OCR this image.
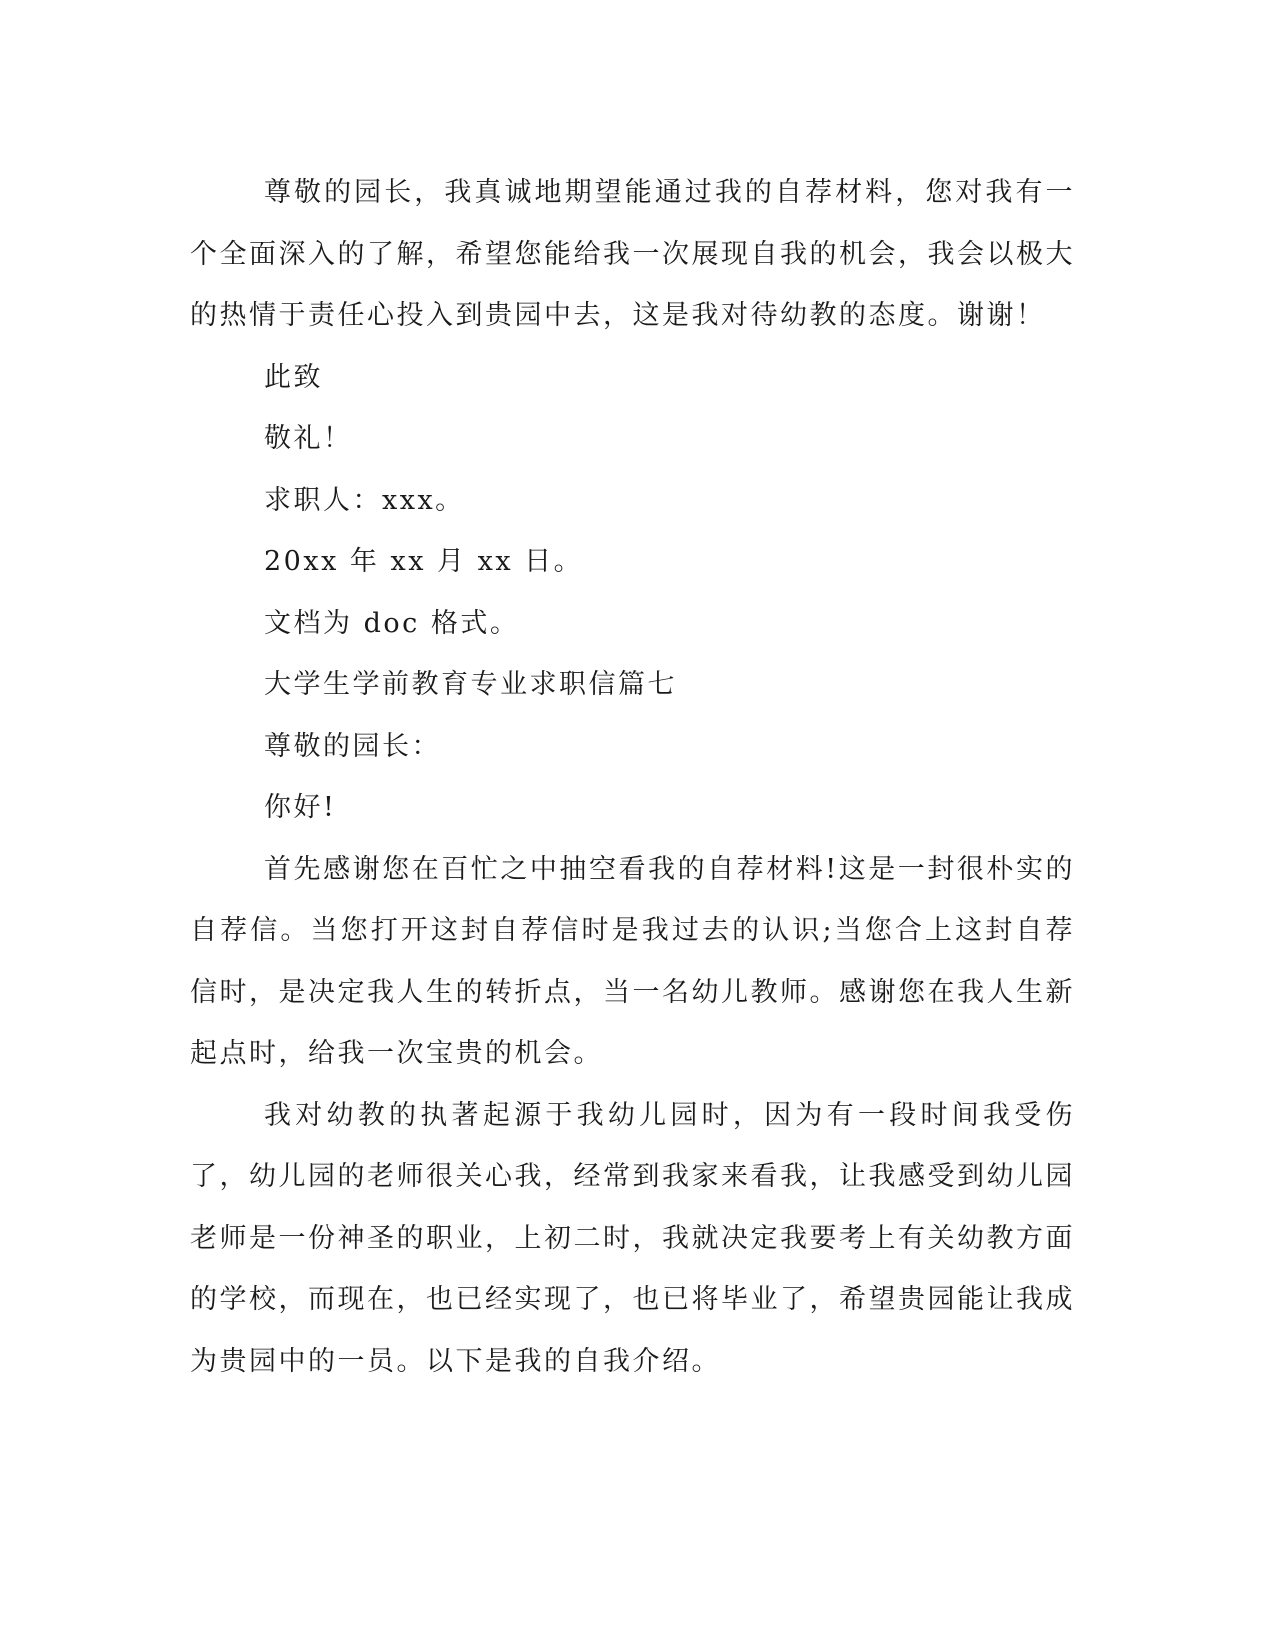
尊敬的园长，我真诚地期望能通过我的自荐材料，您对我有一个全面深入的了解，希望您能给我一次展现自我的机会，我会以极大的热情于责任心投入到贵园中去，这是我对待幼教的态度。谢谢！

此致

敬礼！

求职人：xxx。

20xx 年 xx 月 xx 日。

文档为 doc 格式。

大学生学前教育专业求职信篇七

尊敬的园长：

你好!

首先感谢您在百忙之中抽空看我的自荐材料!这是一封很朴实的自荐信。当您打开这封自荐信时是我过去的认识;当您合上这封自荐信时，是决定我人生的转折点，当一名幼儿教师。感谢您在我人生新起点时，给我一次宝贵的机会。

我对幼教的执著起源于我幼儿园时，因为有一段时间我受伤了，幼儿园的老师很关心我，经常到我家来看我，让我感受到幼儿园老师是一份神圣的职业，上初二时，我就决定我要考上有关幼教方面的学校，而现在，也已经实现了，也已将毕业了，希望贵园能让我成为贵园中的一员。以下是我的自我介绍。
